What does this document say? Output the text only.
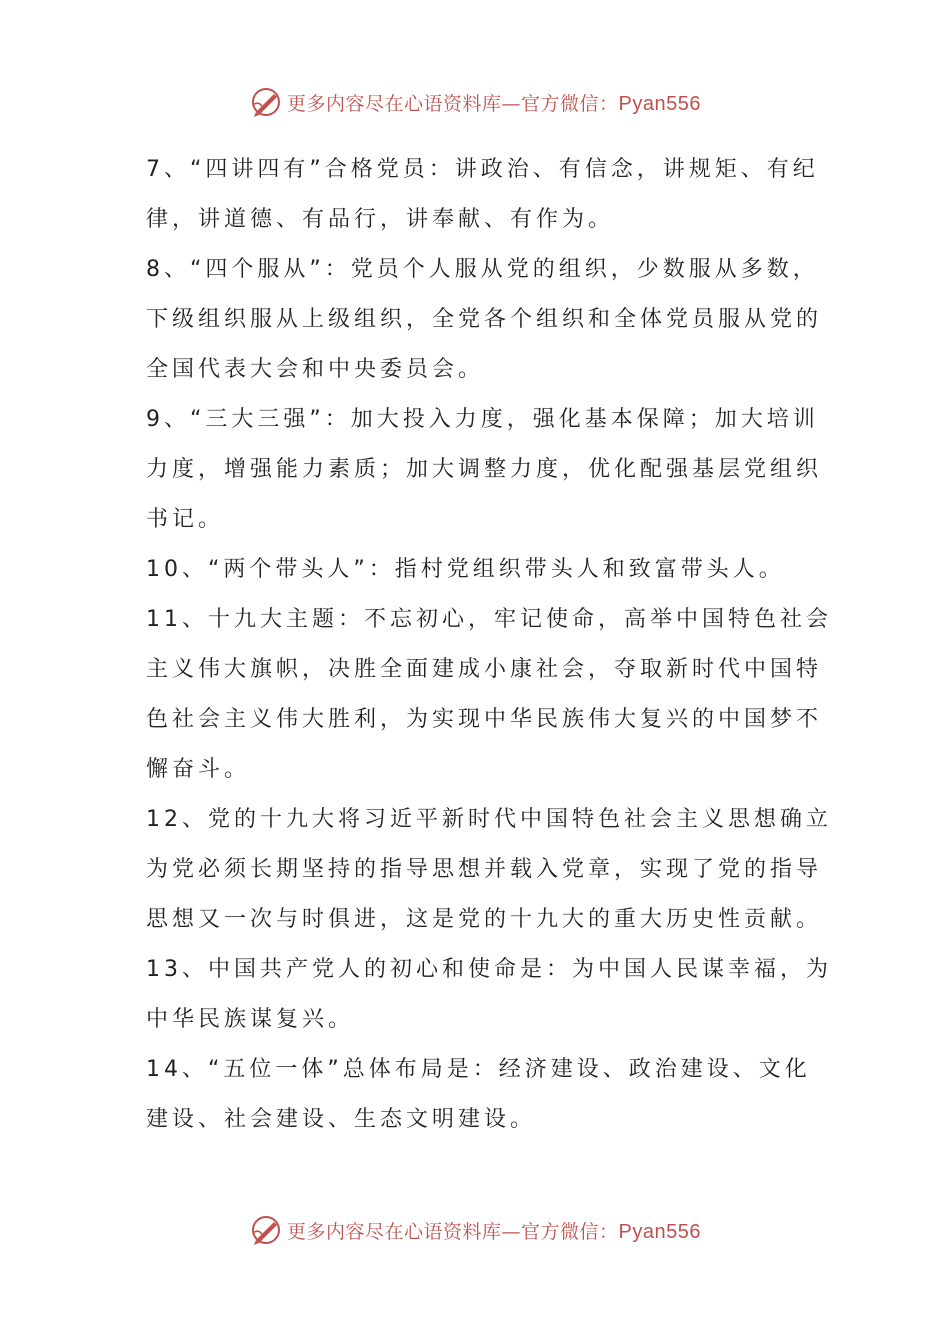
更多内容尽在心语资料库—官方微信：Pyan556

7、“四讲四有”合格党员：讲政治、有信念，讲规矩、有纪律，讲道德、有品行，讲奉献、有作为。

8、“四个服从”：党员个人服从党的组织，少数服从多数，下级组织服从上级组织，全党各个组织和全体党员服从党的全国代表大会和中央委员会。

9、“三大三强”：加大投入力度，强化基本保障；加大培训力度，增强能力素质；加大调整力度，优化配强基层党组织书记。

10、“两个带头人”：指村党组织带头人和致富带头人。

11、十九大主题：不忘初心，牢记使命，高举中国特色社会主义伟大旗帜，决胜全面建成小康社会，夺取新时代中国特色社会主义伟大胜利，为实现中华民族伟大复兴的中国梦不懈奋斗。

12、党的十九大将习近平新时代中国特色社会主义思想确立为党必须长期坚持的指导思想并载入党章，实现了党的指导思想又一次与时俱进，这是党的十九大的重大历史性贡献。

13、中国共产党人的初心和使命是：为中国人民谋幸福，为中华民族谋复兴。

14、“五位一体”总体布局是：经济建设、政治建设、文化建设、社会建设、生态文明建设。

更多内容尽在心语资料库—官方微信：Pyan556
